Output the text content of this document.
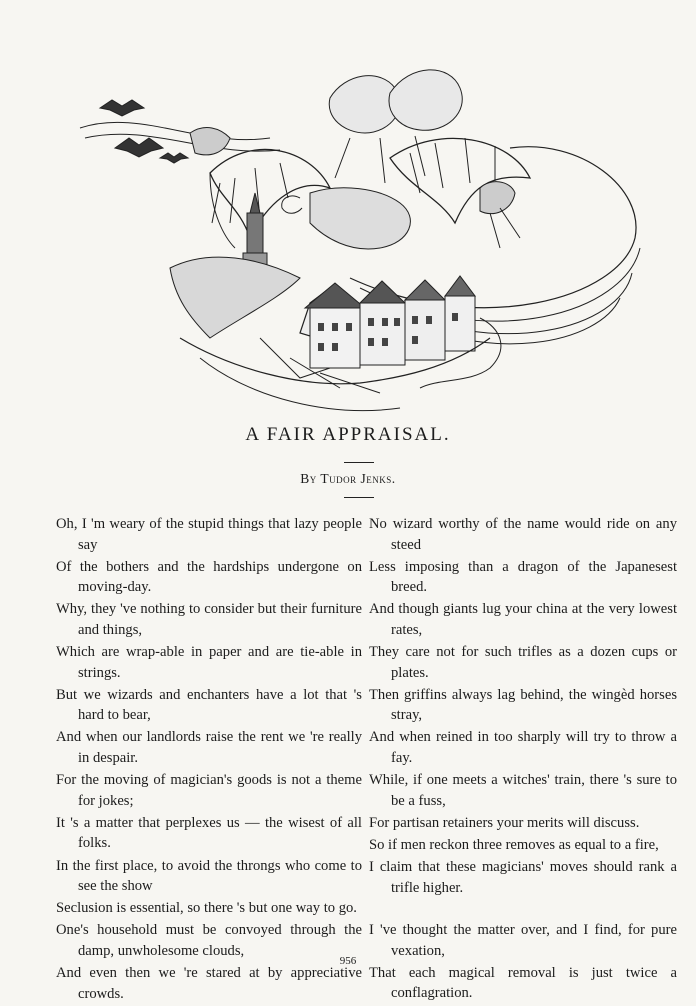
A FAIR APPRAISAL.
By Tudor Jenks.

Oh, I 'm weary of the stupid things that lazy people say

Of the bothers and the hardships undergone on moving-day.

Why, they 've nothing to consider but their furniture and things,

Which are wrap-able in paper and are tie-able in strings.

But we wizards and enchanters have a lot that 's hard to bear,

And when our landlords raise the rent we 're really in despair.

For the moving of magician's goods is not a theme for jokes;

It 's a matter that perplexes us — the wisest of all folks.

In the first place, to avoid the throngs who come to see the show

Seclusion is essential, so there 's but one way to go.

One's household must be convoyed through the damp, unwholesome clouds,

And even then we 're stared at by appreciative crowds.

No wizard worthy of the name would ride on any steed

Less imposing than a dragon of the Japanesest breed.

And though giants lug your china at the very lowest rates,

They care not for such trifles as a dozen cups or plates.

Then griffins always lag behind, the wingèd horses stray,

And when reined in too sharply will try to throw a fay.

While, if one meets a witches' train, there 's sure to be a fuss,

For partisan retainers your merits will discuss.

So if men reckon three removes as equal to a fire,

I claim that these magicians' moves should rank a trifle higher.

I 've thought the matter over, and I find, for pure vexation,

That each magical removal is just twice a conflagration.

956
